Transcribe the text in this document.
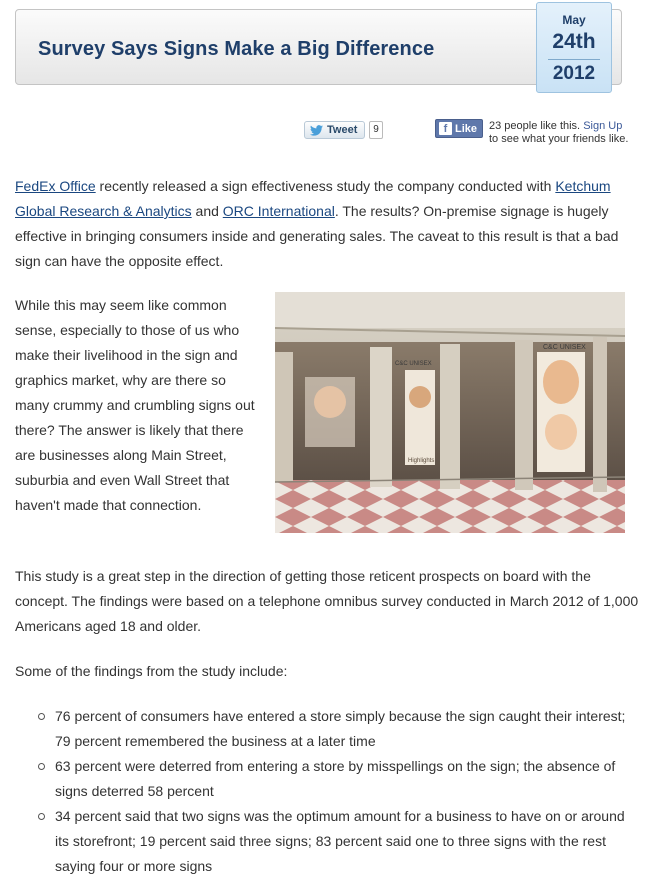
Survey Says Signs Make a Big Difference
May
24th
2012
Tweet	9	f Like 23 people like this. Sign Up to see what your friends like.

FedEx Office recently released a sign effectiveness study the company conducted with Ketchum Global Research & Analytics and ORC International. The results? On-premise signage is hugely effective in bringing consumers inside and generating sales. The caveat to this result is that a bad sign can have the opposite effect.

While this may seem like common sense, especially to those of us who make their livelihood in the sign and graphics market, why are there so many crummy and crumbling signs out there? The answer is likely that there are businesses along Main Street, suburbia and even Wall Street that haven't made that connection.

C&C UNISEX
C&C UNISEX
Highlights

This study is a great step in the direction of getting those reticent prospects on board with the concept. The findings were based on a telephone omnibus survey conducted in March 2012 of 1,000 Americans aged 18 and older.

Some of the findings from the study include:

76 percent of consumers have entered a store simply because the sign caught their interest; 79 percent remembered the business at a later time
63 percent were deterred from entering a store by misspellings on the sign; the absence of signs deterred 58 percent
34 percent said that two signs was the optimum amount for a business to have on or around its storefront; 19 percent said three signs; 83 percent said one to three signs with the rest saying four or more signs
